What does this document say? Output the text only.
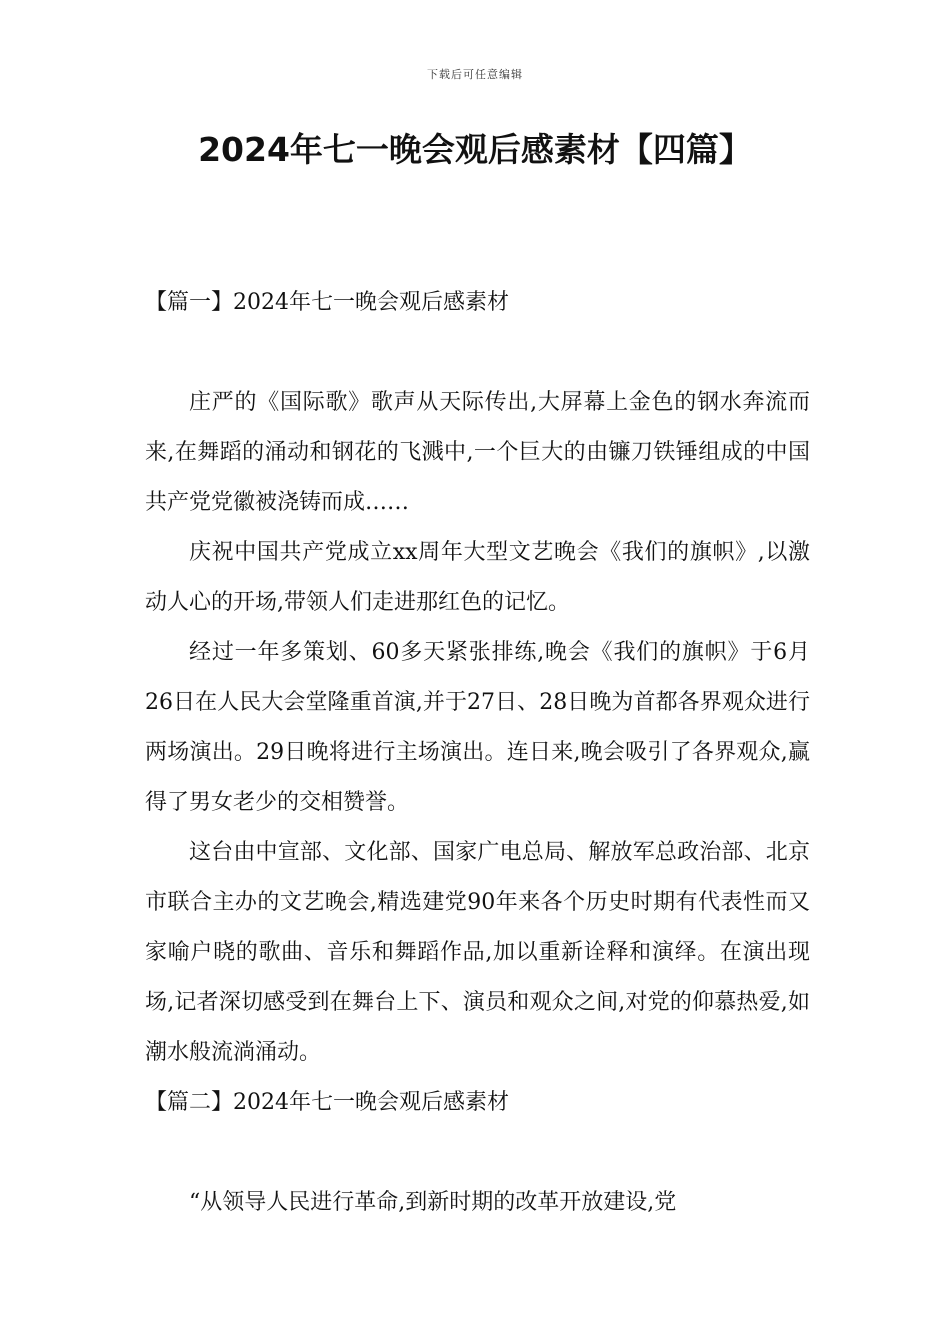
下载后可任意编辑
2024年七一晚会观后感素材【四篇】

【篇一】2024年七一晚会观后感素材

庄严的《国际歌》歌声从天际传出,大屏幕上金色的钢水奔流而来,在舞蹈的涌动和钢花的飞溅中,一个巨大的由镰刀铁锤组成的中国共产党党徽被浇铸而成……

庆祝中国共产党成立xx周年大型文艺晚会《我们的旗帜》,以激动人心的开场,带领人们走进那红色的记忆。

经过一年多策划、60多天紧张排练,晚会《我们的旗帜》于6月26日在人民大会堂隆重首演,并于27日、28日晚为首都各界观众进行两场演出。29日晚将进行主场演出。连日来,晚会吸引了各界观众,赢得了男女老少的交相赞誉。

这台由中宣部、文化部、国家广电总局、解放军总政治部、北京市联合主办的文艺晚会,精选建党90年来各个历史时期有代表性而又家喻户晓的歌曲、音乐和舞蹈作品,加以重新诠释和演绎。在演出现场,记者深切感受到在舞台上下、演员和观众之间,对党的仰慕热爱,如潮水般流淌涌动。

【篇二】2024年七一晚会观后感素材

“从领导人民进行革命,到新时期的改革开放建设,党
